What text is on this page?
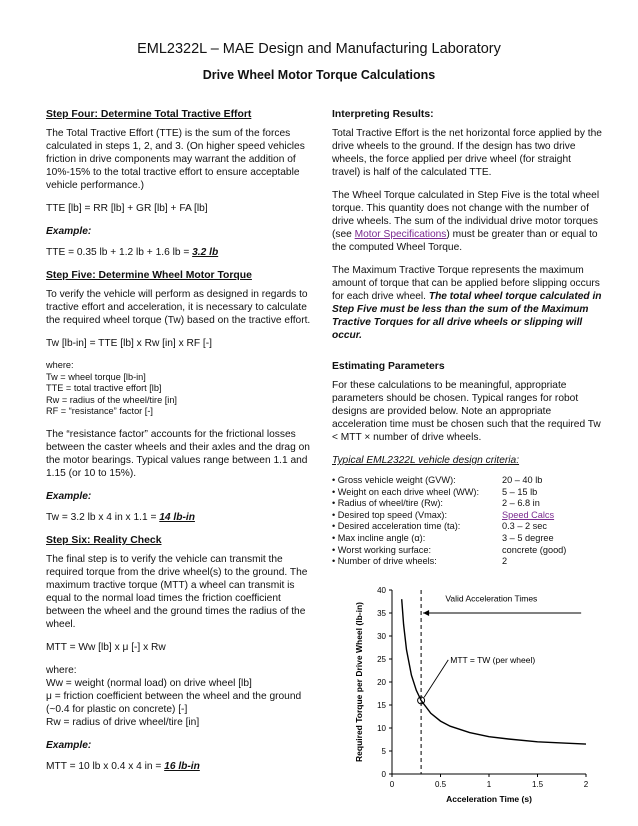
EML2322L – MAE Design and Manufacturing Laboratory
Drive Wheel Motor Torque Calculations
Step Four: Determine Total Tractive Effort

The Total Tractive Effort (TTE) is the sum of the forces calculated in steps 1, 2, and 3. (On higher speed vehicles friction in drive components may warrant the addition of 10%-15% to the total tractive effort to ensure acceptable vehicle performance.)

TTE [lb] = RR [lb] + GR [lb] + FA [lb]

Example:

TTE = 0.35 lb + 1.2 lb + 1.6 lb = 3.2 lb

Step Five: Determine Wheel Motor Torque

To verify the vehicle will perform as designed in regards to tractive effort and acceleration, it is necessary to calculate the required wheel torque (Tw) based on the tractive effort.

Tw [lb-in] = TTE [lb] x Rw [in] x RF [-]

where:
Tw = wheel torque [lb-in]
TTE = total tractive effort [lb]
Rw = radius of the wheel/tire [in]
RF = “resistance” factor [-]

The “resistance factor” accounts for the frictional losses between the caster wheels and their axles and the drag on the motor bearings. Typical values range between 1.1 and 1.15 (or 10 to 15%).

Example:

Tw = 3.2 lb x 4 in x 1.1 = 14 lb-in

Step Six: Reality Check

The final step is to verify the vehicle can transmit the required torque from the drive wheel(s) to the ground. The maximum tractive torque (MTT) a wheel can transmit is equal to the normal load times the friction coefficient between the wheel and the ground times the radius of the wheel.

MTT = Ww [lb] x μ [-] x Rw

where:
Ww = weight (normal load) on drive wheel [lb]
μ = friction coefficient between the wheel and the ground (~0.4 for plastic on concrete) [-]
Rw = radius of drive wheel/tire [in]
Example:

MTT = 10 lb x 0.4 x 4 in = 16 lb-in

Interpreting Results:

Total Tractive Effort is the net horizontal force applied by the drive wheels to the ground. If the design has two drive wheels, the force applied per drive wheel (for straight travel) is half of the calculated TTE.

The Wheel Torque calculated in Step Five is the total wheel torque. This quantity does not change with the number of drive wheels. The sum of the individual drive motor torques (see Motor Specifications) must be greater than or equal to the computed Wheel Torque.

The Maximum Tractive Torque represents the maximum amount of torque that can be applied before slipping occurs for each drive wheel. The total wheel torque calculated in Step Five must be less than the sum of the Maximum Tractive Torques for all drive wheels or slipping will occur.

Estimating Parameters

For these calculations to be meaningful, appropriate parameters should be chosen. Typical ranges for robot designs are provided below. Note an appropriate acceleration time must be chosen such that the required Tw < MTT × number of drive wheels.

Typical EML2322L vehicle design criteria:
• Gross vehicle weight (GVW):	20 – 40 lb
• Weight on each drive wheel (WW):	5 – 15 lb
• Radius of wheel/tire (Rw):	2 – 6.8 in
• Desired top speed (Vmax):	Speed Calcs
• Desired acceleration time (ta):	0.3 – 2 sec
• Max incline angle (α):	3 – 5 degree
• Worst working surface:	concrete (good)
• Number of drive wheels:	2
0
5
10
15
20
25
30
35
40
0	0.5	1	1.5	2
Acceleration Time (s)
Required Torque per Drive Wheel (lb-in)
Valid Acceleration Times
MTT = TW (per wheel)
